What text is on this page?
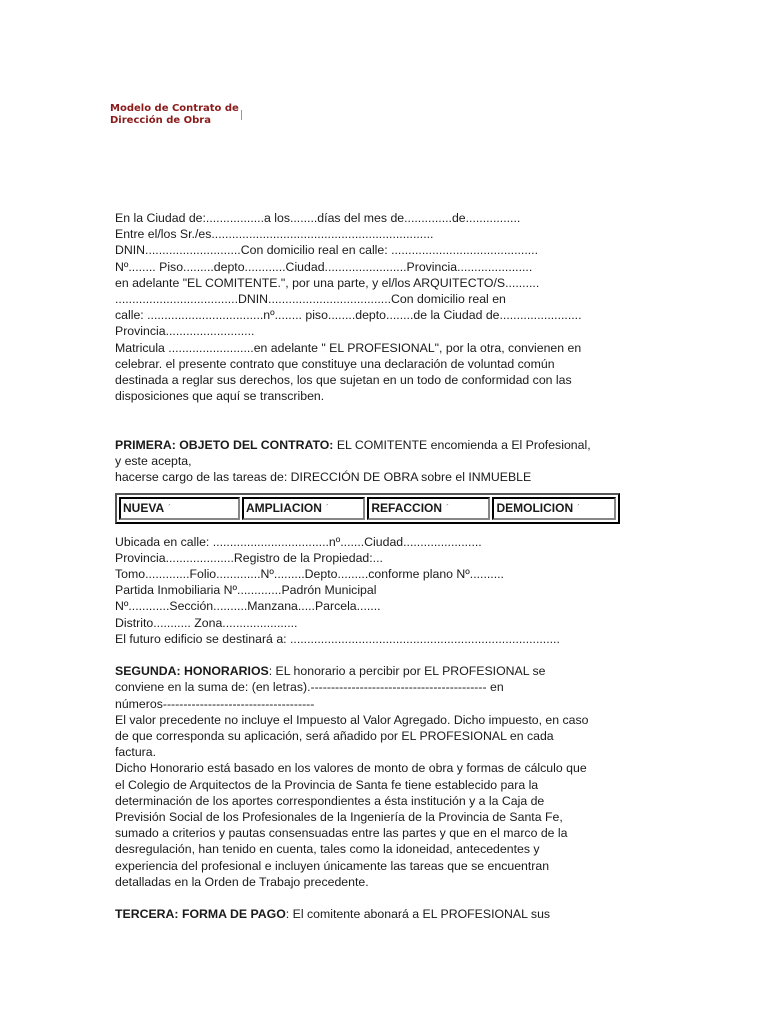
Modelo de Contrato de
Dirección de Obra
En la Ciudad de:.................a los........días del mes de..............de................
Entre el/los Sr./es.................................................................
DNIN............................Con domicilio real en calle: ...........................................
Nº........ Piso.........depto............Ciudad........................Provincia......................
en adelante "EL COMITENTE.", por una parte, y el/los ARQUITECTO/S..........
....................................DNIN....................................Con domicilio real en
calle: ..................................nº........ piso........depto........de la Ciudad de........................
Provincia..........................
Matricula .........................en adelante " EL PROFESIONAL", por la otra, convienen en
celebrar. el presente contrato que constituye una declaración de voluntad común
destinada a reglar sus derechos, los que sujetan en un todo de conformidad con las
disposiciones que aquí se transcriben.
PRIMERA: OBJETO DEL CONTRATO: EL COMITENTE encomienda a El Profesional,
y este acepta,
hacerse cargo de las tareas de: DIRECCIÓN DE OBRA sobre el INMUEBLE
NUEVA ´	AMPLIACION ´	REFACCION ´	DEMOLICION ´
Ubicada en calle: ..................................nº.......Ciudad.......................
Provincia....................Registro de la Propiedad:...
Tomo.............Folio.............Nº.........Depto.........conforme plano Nº..........
Partida Inmobiliaria Nº.............Padrón Municipal
Nº............Sección..........Manzana.....Parcela.......
Distrito........... Zona......................
El futuro edificio se destinará a: ...............................................................................
SEGUNDA: HONORARIOS: EL honorario a percibir por EL PROFESIONAL se
conviene en la suma de: (en letras).------------------------------------------- en
números-------------------------------------
El valor precedente no incluye el Impuesto al Valor Agregado. Dicho impuesto, en caso
de que corresponda su aplicación, será añadido por EL PROFESIONAL en cada
factura.
Dicho Honorario está basado en los valores de monto de obra y formas de cálculo que
el Colegio de Arquitectos de la Provincia de Santa fe tiene establecido para la
determinación de los aportes correspondientes a ésta institución y a la Caja de
Previsión Social de los Profesionales de la Ingeniería de la Provincia de Santa Fe,
sumado a criterios y pautas consensuadas entre las partes y que en el marco de la
desregulación, han tenido en cuenta, tales como la idoneidad, antecedentes y
experiencia del profesional e incluyen únicamente las tareas que se encuentran
detalladas en la Orden de Trabajo precedente.
TERCERA: FORMA DE PAGO: El comitente abonará a EL PROFESIONAL sus
